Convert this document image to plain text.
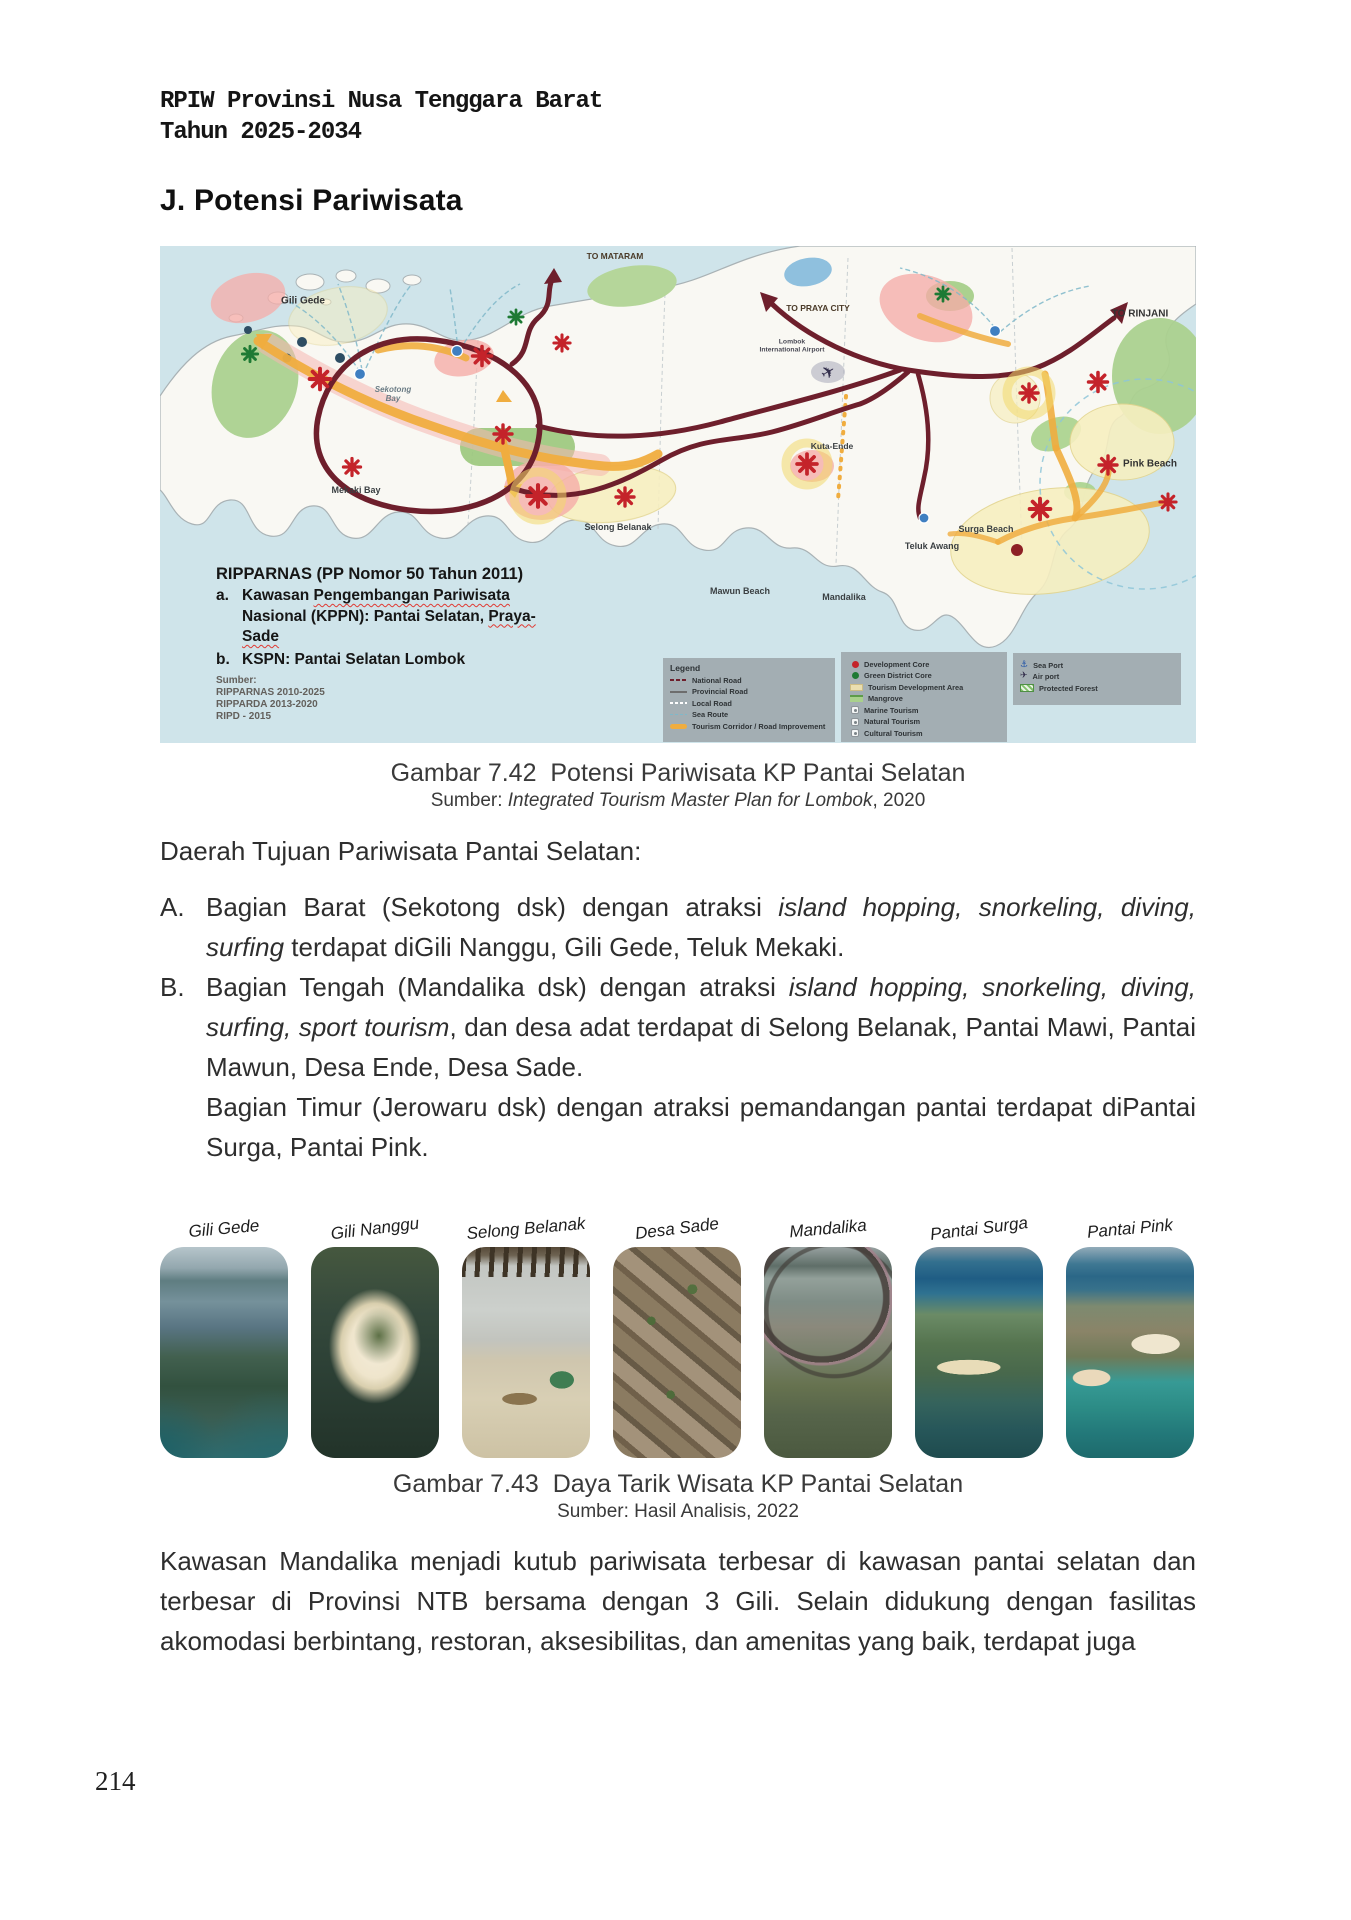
RPIW Provinsi Nusa Tenggara Barat
Tahun 2025-2034
J. Potensi Pariwisata
✈
Gili Gede
TO MATARAM
TO PRAYA CITY
TO RINJANI
Lombok International Airport
Kuta-Ende
Mekaki Bay
Selong Belanak
Mawun Beach
Mandalika
Teluk Awang
Surga Beach
Pink Beach
Sekotong Bay
RIPPARNAS (PP Nomor 50 Tahun 2011)
a. Kawasan Pengembangan Pariwisata Nasional (KPPN): Pantai Selatan, Praya-Sade
b. KSPN: Pantai Selatan Lombok
Sumber:
RIPPARNAS 2010-2025
RIPPARDA 2013-2020
RIPD - 2015
Legend
National Road
Provincial Road
Local Road
Sea Route
Tourism Corridor / Road Improvement
Development Core
Green District Core
Tourism Development Area
Mangrove
Marine Tourism
Natural Tourism
Cultural Tourism
⚓ Sea Port
✈ Air port
Protected Forest
Gambar 7.42  Potensi Pariwisata KP Pantai Selatan
Sumber: Integrated Tourism Master Plan for Lombok, 2020
Daerah Tujuan Pariwisata Pantai Selatan:
A. Bagian Barat (Sekotong dsk) dengan atraksi island hopping, snorkeling, diving, surfing terdapat diGili Nanggu, Gili Gede, Teluk Mekaki.
B. Bagian Tengah (Mandalika dsk) dengan atraksi island hopping, snorkeling, diving, surfing, sport tourism, dan desa adat terdapat di Selong Belanak, Pantai Mawi, Pantai Mawun, Desa Ende, Desa Sade.
Bagian Timur (Jerowaru dsk) dengan atraksi pemandangan pantai terdapat diPantai Surga, Pantai Pink.
Gili Gede	Gili Nanggu	Selong Belanak	Desa Sade	Mandalika	Pantai Surga	Pantai Pink
Gambar 7.43  Daya Tarik Wisata KP Pantai Selatan
Sumber: Hasil Analisis, 2022
Kawasan Mandalika menjadi kutub pariwisata terbesar di kawasan pantai selatan dan terbesar di Provinsi NTB bersama dengan 3 Gili. Selain didukung dengan fasilitas akomodasi berbintang, restoran, aksesibilitas, dan amenitas yang baik, terdapat juga
214
